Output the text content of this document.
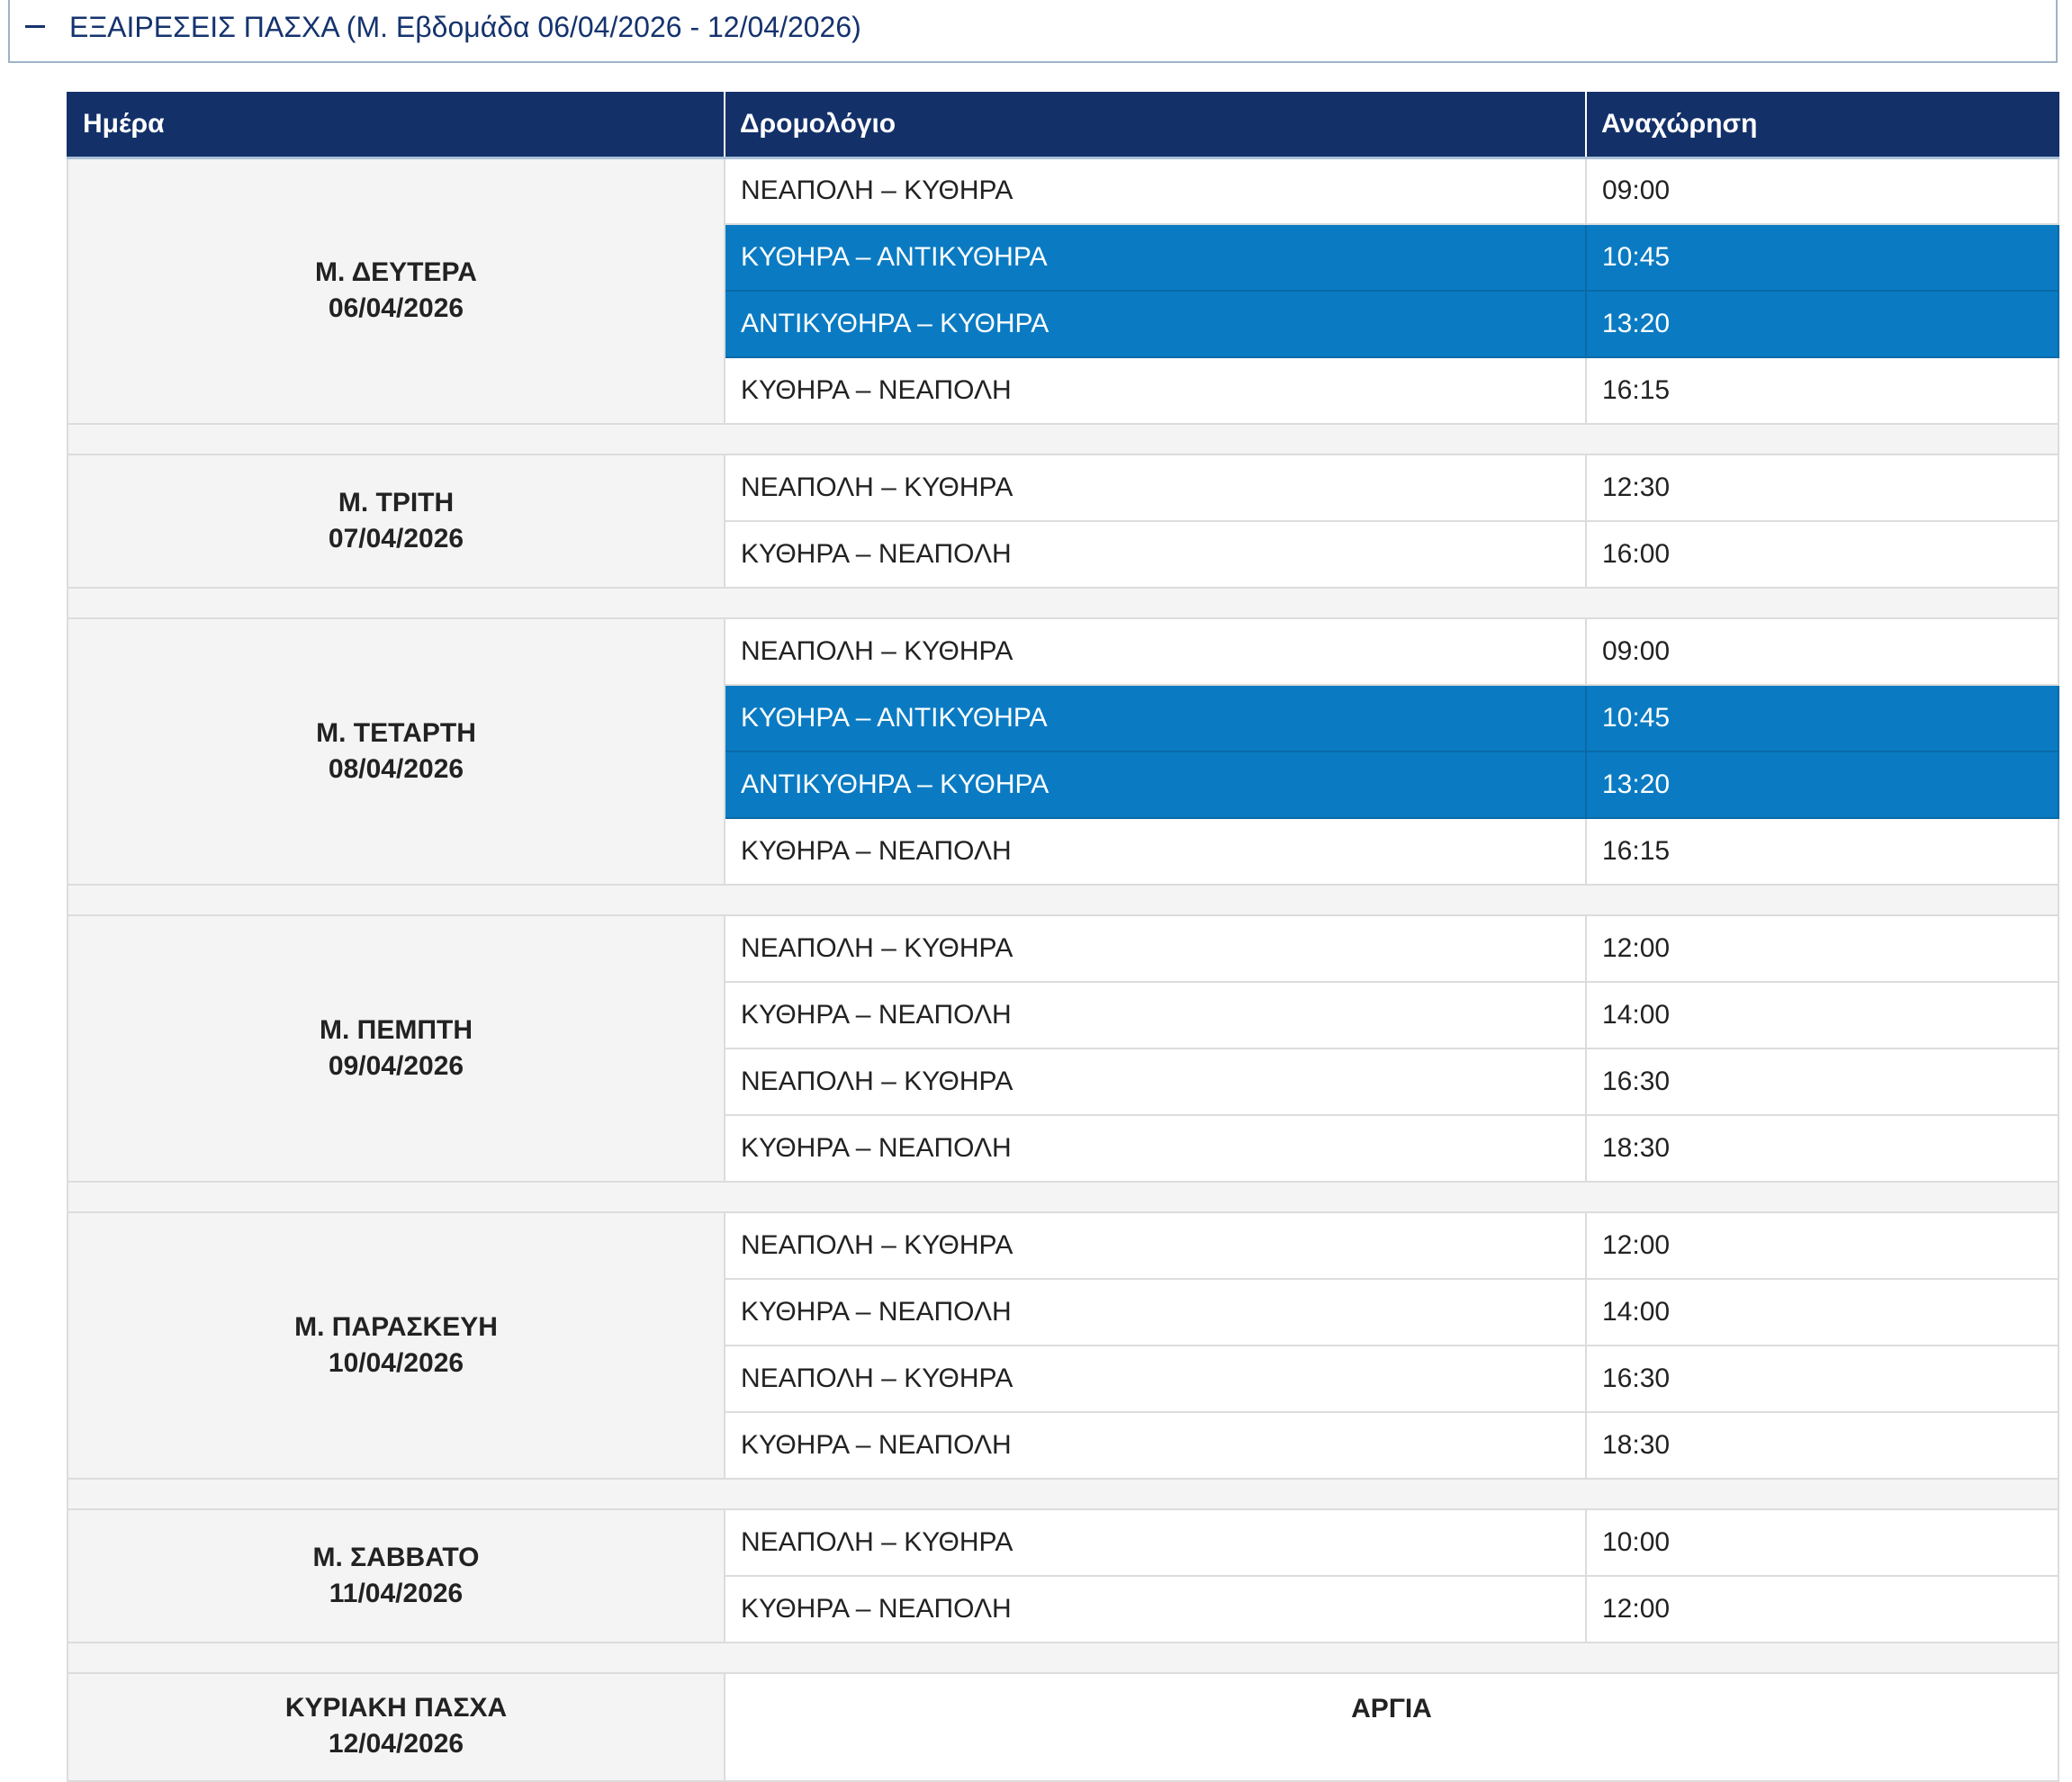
ΕΞΑΙΡΕΣΕΙΣ ΠΑΣΧΑ (Μ. Εβδομάδα 06/04/2026 - 12/04/2026)
Ημέρα	Δρομολόγιο	Αναχώρηση

Μ. ΔΕΥΤΕΡΑ
06/04/2026	ΝΕΑΠΟΛΗ – ΚΥΘΗΡΑ	09:00
	ΚΥΘΗΡΑ – ΑΝΤΙΚΥΘΗΡΑ	10:45
	ΑΝΤΙΚΥΘΗΡΑ – ΚΥΘΗΡΑ	13:20
	ΚΥΘΗΡΑ – ΝΕΑΠΟΛΗ	16:15

Μ. ΤΡΙΤΗ
07/04/2026	ΝΕΑΠΟΛΗ – ΚΥΘΗΡΑ	12:30
	ΚΥΘΗΡΑ – ΝΕΑΠΟΛΗ	16:00

Μ. ΤΕΤΑΡΤΗ
08/04/2026	ΝΕΑΠΟΛΗ – ΚΥΘΗΡΑ	09:00
	ΚΥΘΗΡΑ – ΑΝΤΙΚΥΘΗΡΑ	10:45
	ΑΝΤΙΚΥΘΗΡΑ – ΚΥΘΗΡΑ	13:20
	ΚΥΘΗΡΑ – ΝΕΑΠΟΛΗ	16:15

Μ. ΠΕΜΠΤΗ
09/04/2026	ΝΕΑΠΟΛΗ – ΚΥΘΗΡΑ	12:00
	ΚΥΘΗΡΑ – ΝΕΑΠΟΛΗ	14:00
	ΝΕΑΠΟΛΗ – ΚΥΘΗΡΑ	16:30
	ΚΥΘΗΡΑ – ΝΕΑΠΟΛΗ	18:30

Μ. ΠΑΡΑΣΚΕΥΗ
10/04/2026	ΝΕΑΠΟΛΗ – ΚΥΘΗΡΑ	12:00
	ΚΥΘΗΡΑ – ΝΕΑΠΟΛΗ	14:00
	ΝΕΑΠΟΛΗ – ΚΥΘΗΡΑ	16:30
	ΚΥΘΗΡΑ – ΝΕΑΠΟΛΗ	18:30

Μ. ΣΑΒΒΑΤΟ
11/04/2026	ΝΕΑΠΟΛΗ – ΚΥΘΗΡΑ	10:00
	ΚΥΘΗΡΑ – ΝΕΑΠΟΛΗ	12:00

ΚΥΡΙΑΚΗ ΠΑΣΧΑ
12/04/2026	ΑΡΓΙΑ	
